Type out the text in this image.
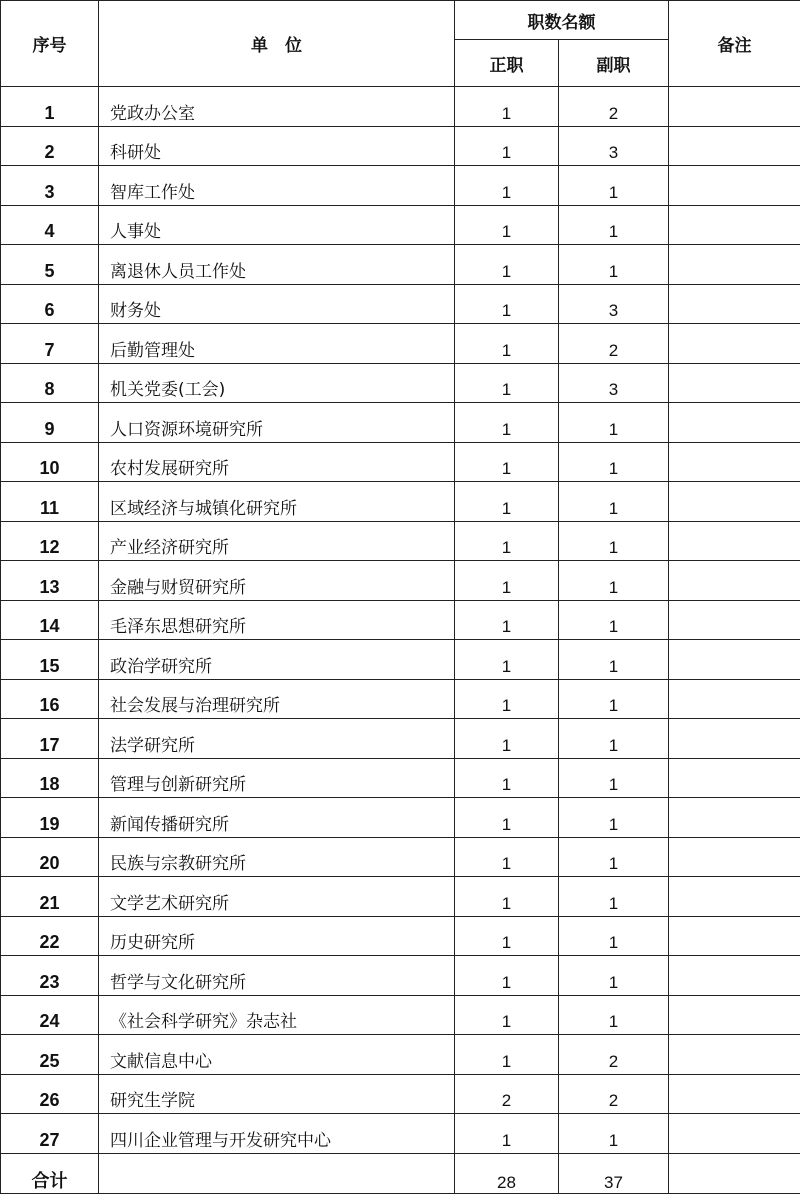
序号	单　位	职数名额		备注
		正职	副职	
1	党政办公室	1	2	
2	科研处	1	3	
3	智库工作处	1	1	
4	人事处	1	1	
5	离退休人员工作处	1	1	
6	财务处	1	3	
7	后勤管理处	1	2	
8	机关党委(工会)	1	3	
9	人口资源环境研究所	1	1	
10	农村发展研究所	1	1	
11	区域经济与城镇化研究所	1	1	
12	产业经济研究所	1	1	
13	金融与财贸研究所	1	1	
14	毛泽东思想研究所	1	1	
15	政治学研究所	1	1	
16	社会发展与治理研究所	1	1	
17	法学研究所	1	1	
18	管理与创新研究所	1	1	
19	新闻传播研究所	1	1	
20	民族与宗教研究所	1	1	
21	文学艺术研究所	1	1	
22	历史研究所	1	1	
23	哲学与文化研究所	1	1	
24	《社会科学研究》杂志社	1	1	
25	文献信息中心	1	2	
26	研究生学院	2	2	
27	四川企业管理与开发研究中心	1	1	
合计		28	37	
